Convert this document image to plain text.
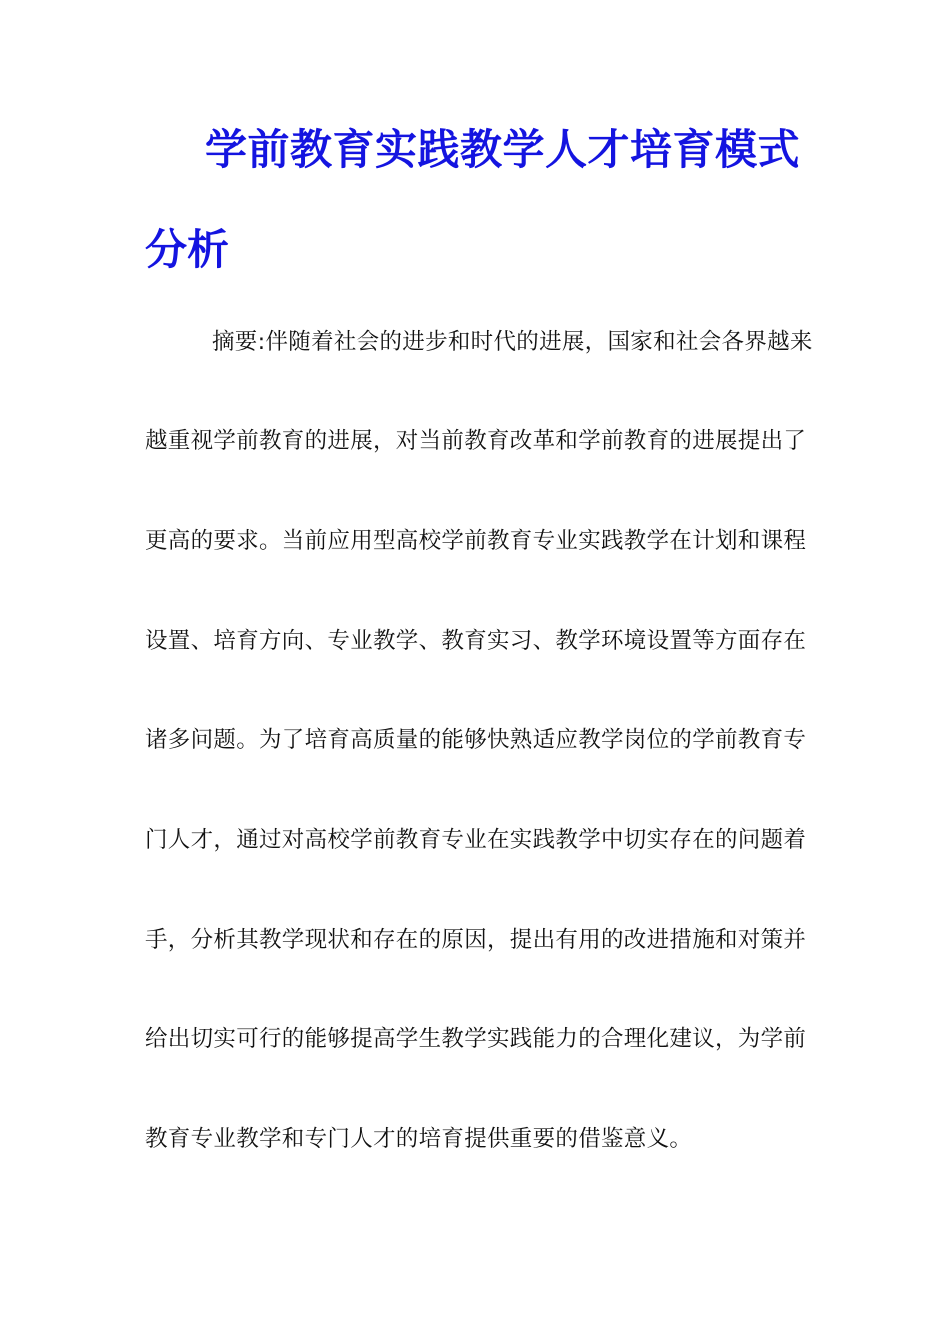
学前教育实践教学人才培育模式
分析
摘要:伴随着社会的进步和时代的进展，国家和社会各界越来
越重视学前教育的进展，对当前教育改革和学前教育的进展提出了
更高的要求。当前应用型高校学前教育专业实践教学在计划和课程
设置、培育方向、专业教学、教育实习、教学环境设置等方面存在
诸多问题。为了培育高质量的能够快熟适应教学岗位的学前教育专
门人才，通过对高校学前教育专业在实践教学中切实存在的问题着
手，分析其教学现状和存在的原因，提出有用的改进措施和对策并
给出切实可行的能够提高学生教学实践能力的合理化建议，为学前
教育专业教学和专门人才的培育提供重要的借鉴意义。
